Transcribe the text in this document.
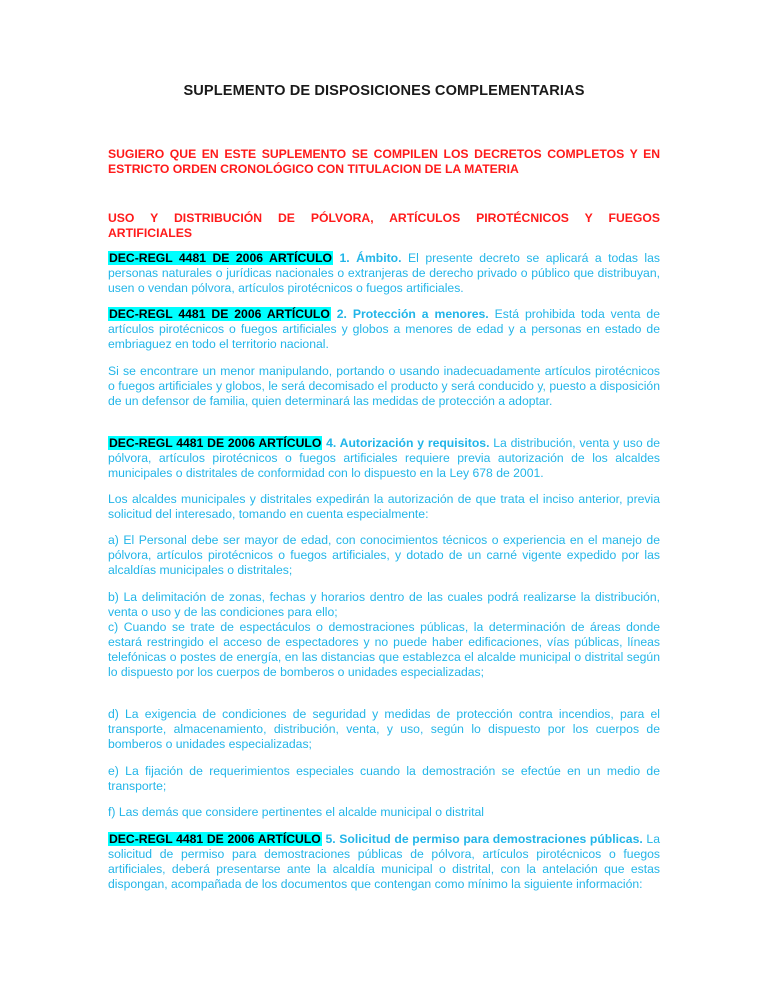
SUPLEMENTO DE DISPOSICIONES COMPLEMENTARIAS
SUGIERO QUE EN ESTE SUPLEMENTO SE COMPILEN LOS DECRETOS COMPLETOS Y EN ESTRICTO ORDEN CRONOLÓGICO CON TITULACION DE LA MATERIA
USO Y DISTRIBUCIÓN DE PÓLVORA, ARTÍCULOS PIROTÉCNICOS Y FUEGOS ARTIFICIALES
DEC-REGL 4481 DE 2006 ARTÍCULO 1. Ámbito. El presente decreto se aplicará a todas las personas naturales o jurídicas nacionales o extranjeras de derecho privado o público que distribuyan, usen o vendan pólvora, artículos pirotécnicos o fuegos artificiales.
DEC-REGL 4481 DE 2006 ARTÍCULO 2. Protección a menores. Está prohibida toda venta de artículos pirotécnicos o fuegos artificiales y globos a menores de edad y a personas en estado de embriaguez en todo el territorio nacional.
Si se encontrare un menor manipulando, portando o usando inadecuadamente artículos pirotécnicos o fuegos artificiales y globos, le será decomisado el producto y será conducido y, puesto a disposición de un defensor de familia, quien determinará las medidas de protección a adoptar.
DEC-REGL 4481 DE 2006 ARTÍCULO 4. Autorización y requisitos. La distribución, venta y uso de pólvora, artículos pirotécnicos o fuegos artificiales requiere previa autorización de los alcaldes municipales o distritales de conformidad con lo dispuesto en la Ley 678 de 2001.
Los alcaldes municipales y distritales expedirán la autorización de que trata el inciso anterior, previa solicitud del interesado, tomando en cuenta especialmente:
a) El Personal debe ser mayor de edad, con conocimientos técnicos o experiencia en el manejo de pólvora, artículos pirotécnicos o fuegos artificiales, y dotado de un carné vigente expedido por las alcaldías municipales o distritales;
b) La delimitación de zonas, fechas y horarios dentro de las cuales podrá realizarse la distribución, venta o uso y de las condiciones para ello;
c) Cuando se trate de espectáculos o demostraciones públicas, la determinación de áreas donde estará restringido el acceso de espectadores y no puede haber edificaciones, vías públicas, líneas telefónicas o postes de energía, en las distancias que establezca el alcalde municipal o distrital según lo dispuesto por los cuerpos de bomberos o unidades especializadas;
d) La exigencia de condiciones de seguridad y medidas de protección contra incendios, para el transporte, almacenamiento, distribución, venta, y uso, según lo dispuesto por los cuerpos de bomberos o unidades especializadas;
e) La fijación de requerimientos especiales cuando la demostración se efectúe en un medio de transporte;
f) Las demás que considere pertinentes el alcalde municipal o distrital
DEC-REGL 4481 DE 2006 ARTÍCULO 5. Solicitud de permiso para demostraciones públicas. La solicitud de permiso para demostraciones públicas de pólvora, artículos pirotécnicos o fuegos artificiales, deberá presentarse ante la alcaldía municipal o distrital, con la antelación que estas dispongan, acompañada de los documentos que contengan como mínimo la siguiente información:
